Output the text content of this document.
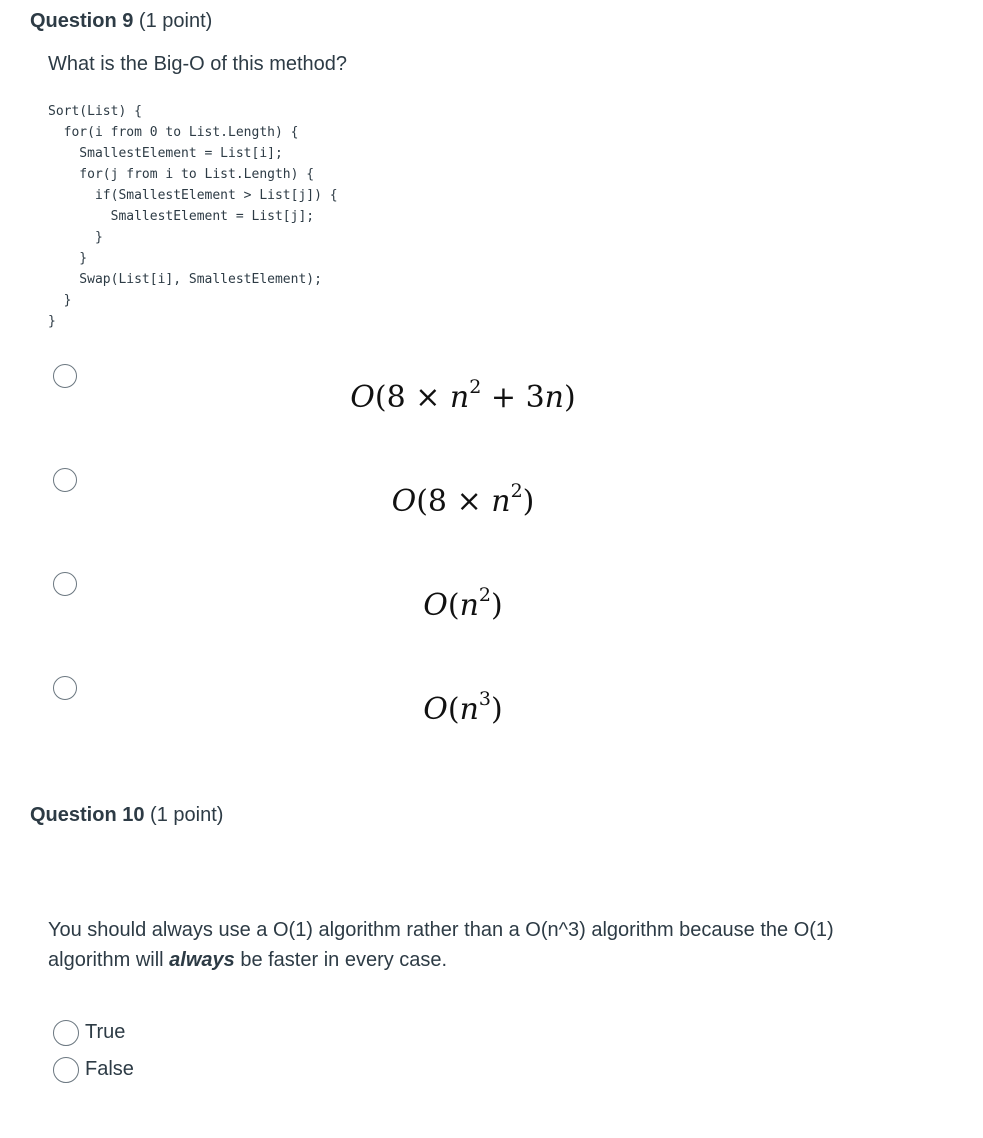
Question 9 (1 point)
What is the Big-O of this method?
Sort(List) {
for(i from 0 to List.Length) {
SmallestElement = List[i];
for(j from i to List.Length) {
if(SmallestElement > List[j]) {
SmallestElement = List[j];
}
}
Swap(List[i], SmallestElement);
}
}
$O(8 \times n^2 + 3n)$
$O(8 \times n^2)$
$O(n^2)$
$O(n^3)$
Question 10 (1 point)
You should always use a O(1) algorithm rather than a O(n^3) algorithm because the O(1) algorithm will always be faster in every case.
True
False
